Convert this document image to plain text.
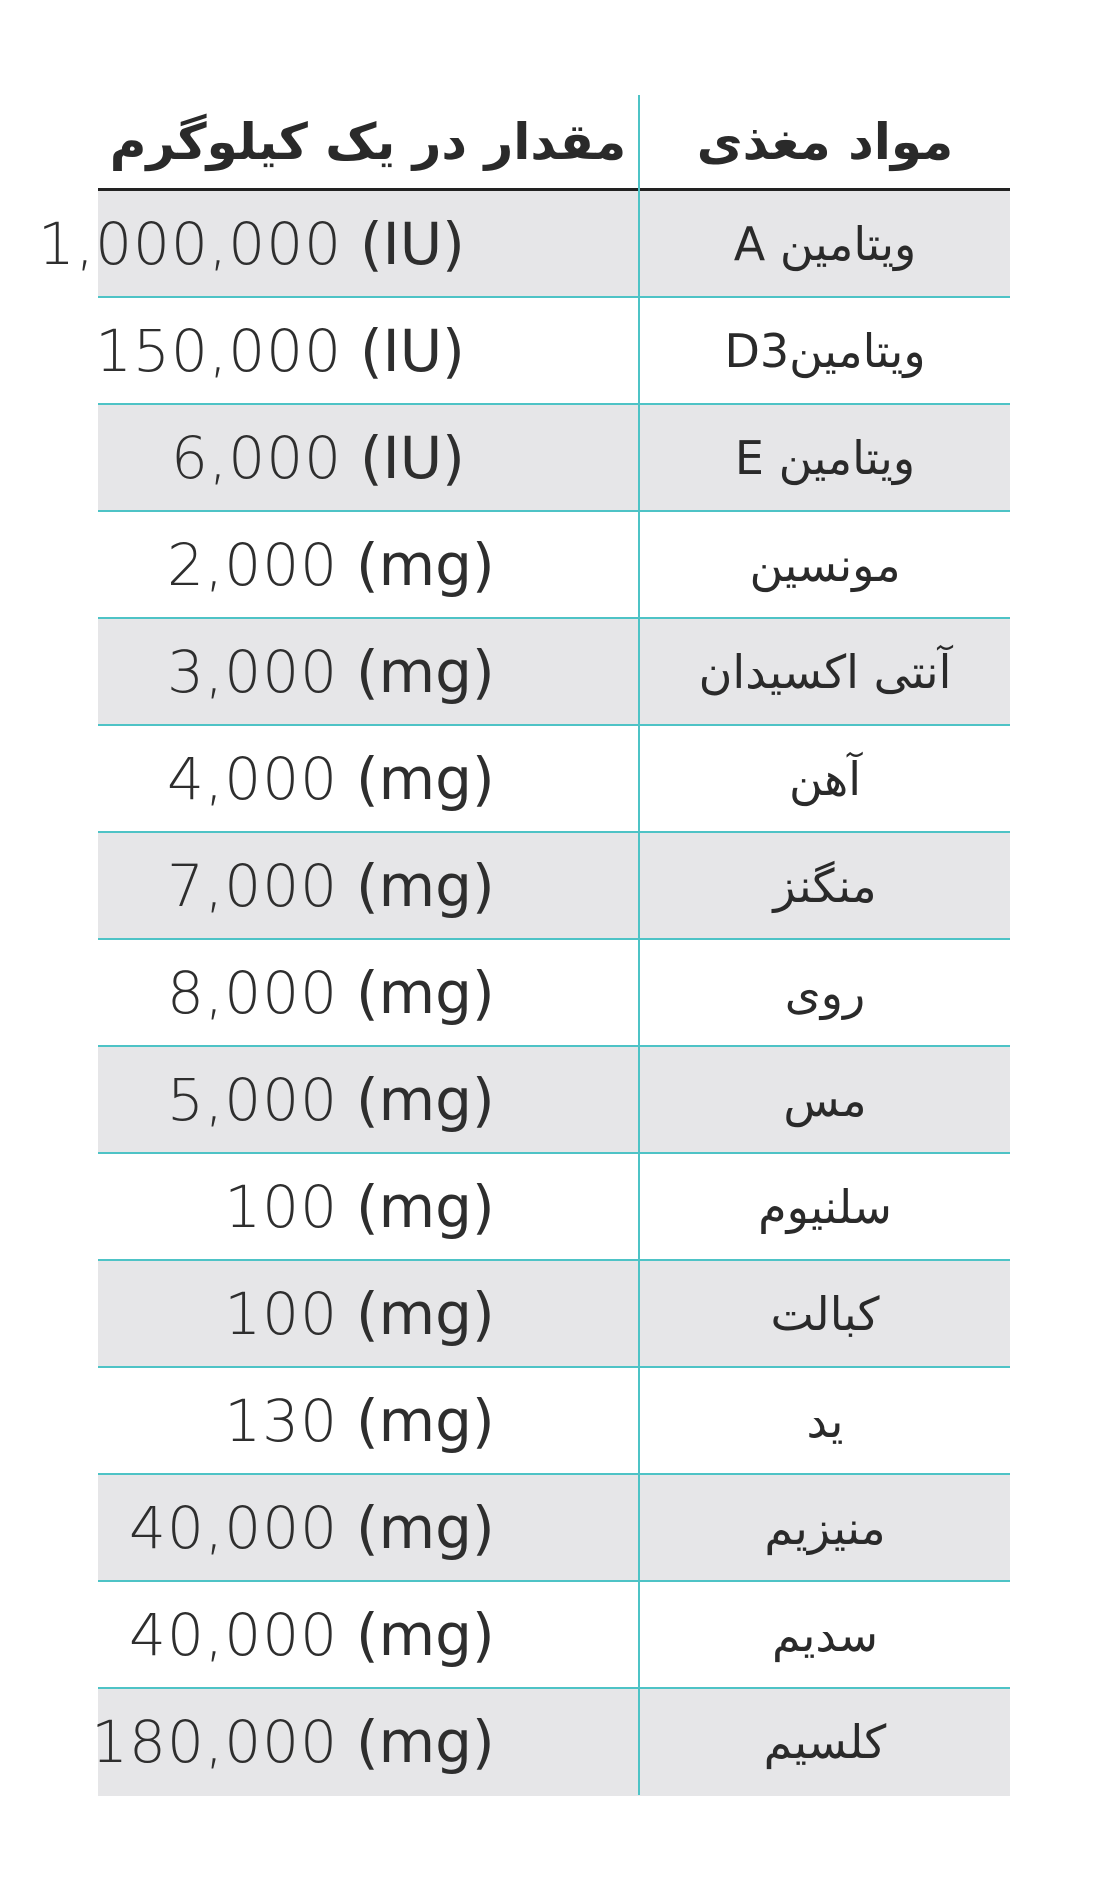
مقدار در یک کیلوگرم	مواد مغذی
1,000,000 (IU)	ویتامین A
150,000 (IU)	ویتامینD3
6,000 (IU)	ویتامین E
2,000 (mg)	مونسین
3,000 (mg)	آنتی اکسیدان
4,000 (mg)	آهن
7,000 (mg)	منگنز
8,000 (mg)	روی
5,000 (mg)	مس
100 (mg)	سلنیوم
100 (mg)	کبالت
130 (mg)	ید
40,000 (mg)	منیزیم
40,000 (mg)	سدیم
180,000 (mg)	کلسیم
